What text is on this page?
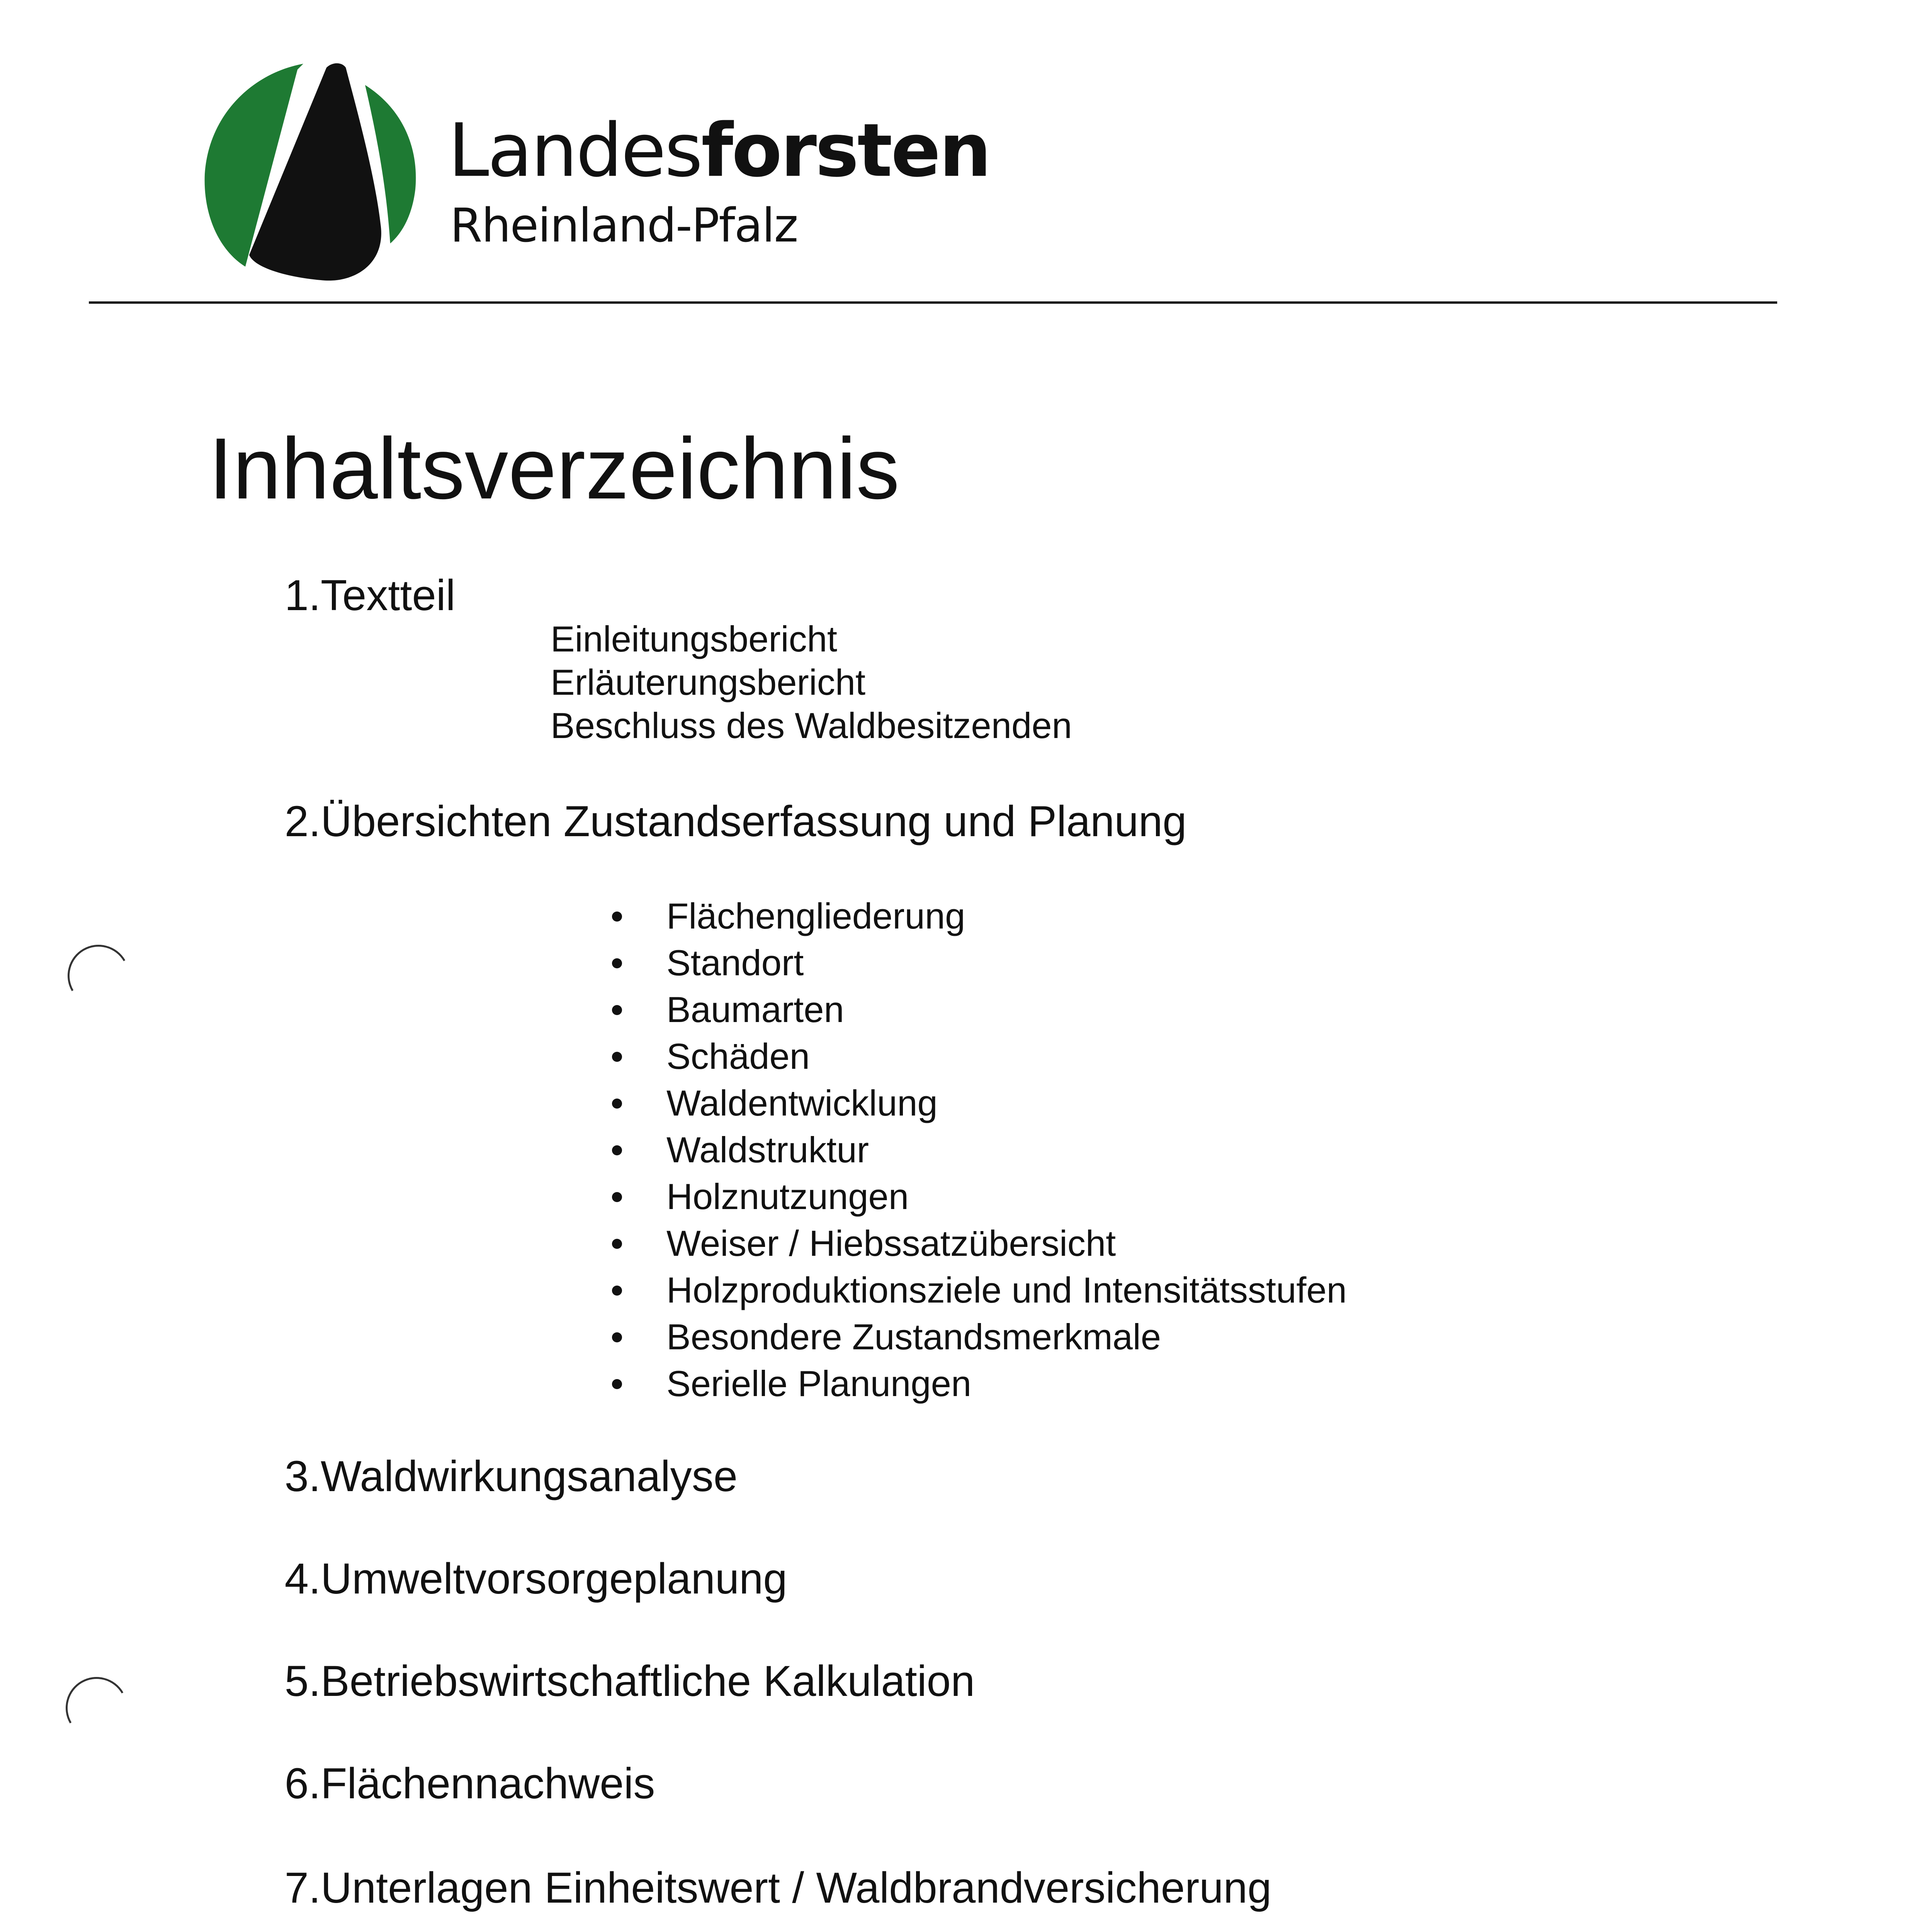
Landesforsten
Rheinland-Pfalz
Inhaltsverzeichnis
1. Textteil
Einleitungsbericht
Erläuterungsbericht
Beschluss des Waldbesitzenden
2. Übersichten Zustandserfassung und Planung
Flächengliederung
Standort
Baumarten
Schäden
Waldentwicklung
Waldstruktur
Holznutzungen
Weiser / Hiebssatzübersicht
Holzproduktionsziele und Intensitätsstufen
Besondere Zustandsmerkmale
Serielle Planungen
3. Waldwirkungsanalyse
4. Umweltvorsorgeplanung
5. Betriebswirtschaftliche Kalkulation
6. Flächennachweis
7. Unterlagen Einheitswert / Waldbrandversicherung
